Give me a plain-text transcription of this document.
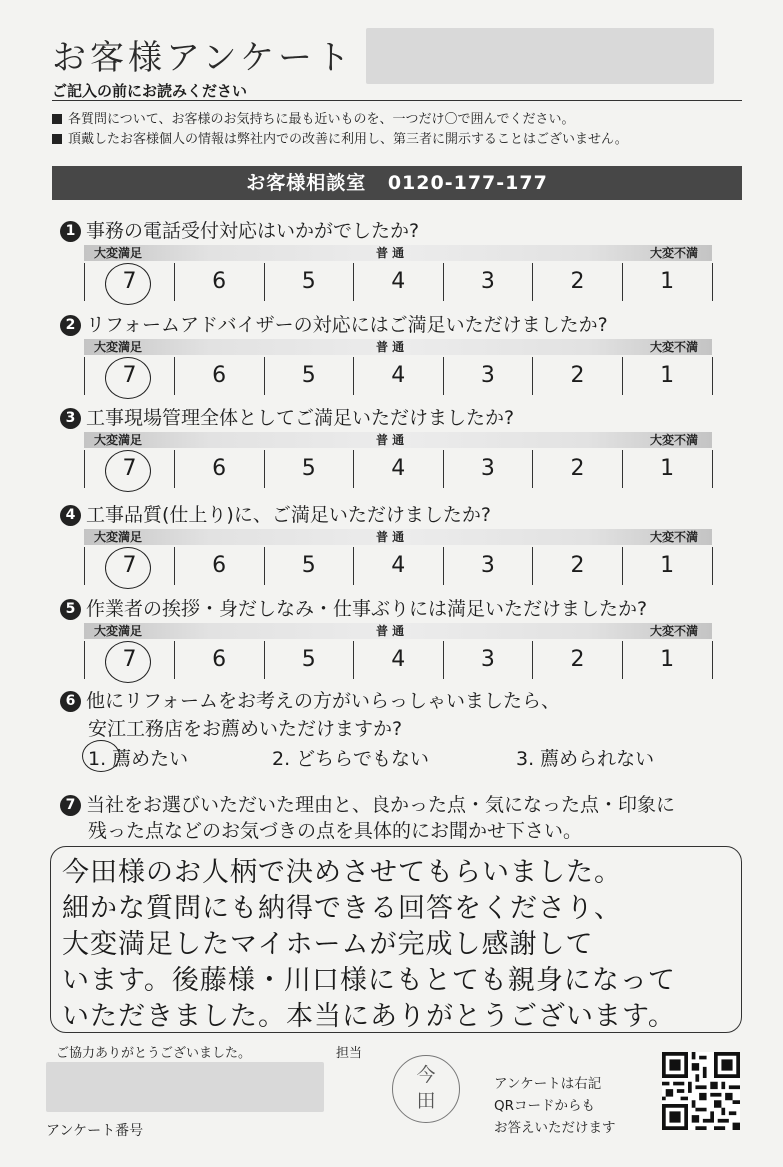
お客様アンケート
ご記入の前にお読みください
各質問について、お客様のお気持ちに最も近いものを、一つだけ〇で囲んでください。
頂戴したお客様個人の情報は弊社内での改善に利用し、第三者に開示することはございません。
お客様相談室 0120-177-177
1 事務の電話受付対応はいかがでしたか?
大変満足	普 通	大変不満
7	6	5	4	3	2	1
2 リフォームアドバイザーの対応にはご満足いただけましたか?
大変満足	普 通	大変不満
7	6	5	4	3	2	1
3 工事現場管理全体としてご満足いただけましたか?
大変満足	普 通	大変不満
7	6	5	4	3	2	1
4 工事品質(仕上り)に、ご満足いただけましたか?
大変満足	普 通	大変不満
7	6	5	4	3	2	1
5 作業者の挨拶・身だしなみ・仕事ぶりには満足いただけましたか?
大変満足	普 通	大変不満
7	6	5	4	3	2	1
6 他にリフォームをお考えの方がいらっしゃいましたら、
安江工務店をお薦めいただけますか?
1. 薦めたい	2. どちらでもない	3. 薦められない
7 当社をお選びいただいた理由と、良かった点・気になった点・印象に
残った点などのお気づきの点を具体的にお聞かせ下さい。
今田様のお人柄で決めさせてもらいました。
細かな質問にも納得できる回答をくださり、
大変満足したマイホームが完成し感謝して
います。後藤様・川口様にもとても親身になって
いただきました。本当にありがとうございます。
ご協力ありがとうございました。	担当
アンケート番号
今田
アンケートは右記
QRコードからも
お答えいただけます
